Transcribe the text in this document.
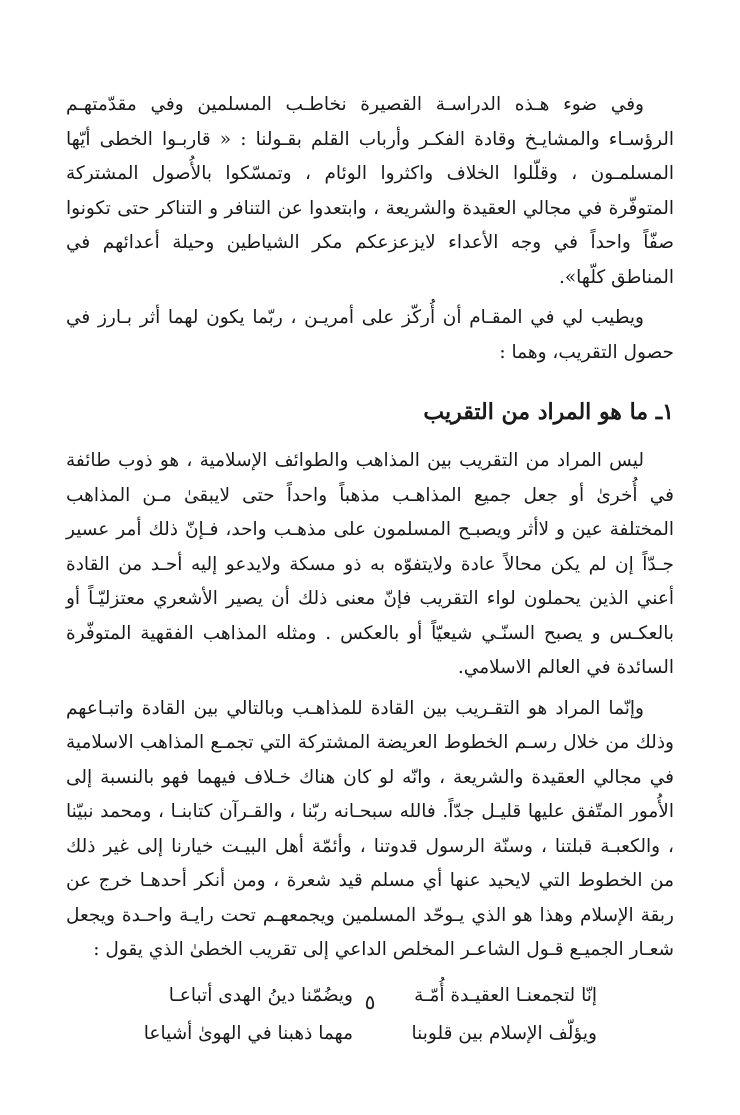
وفي ضوء هـذه الدراسـة القصيرة نخاطـب المسلمين وفي مقدّمتهـم الرؤسـاء والمشايـخ وقادة الفكـر وأرباب القلم بقـولنا : « قاربـوا الخطى أيّها المسلمـون ، وقلّلوا الخلاف واكثروا الوئام ، وتمسّكوا بالأُصول المشتركة المتوفّرة في مجالي العقيدة والشريعة ، وابتعدوا عن التنافر و التناكر حتى تكونوا صفّاً واحداً في وجه الأعداء لايزعزعكم مكر الشياطين وحيلة أعدائهم في المناطق كلّها».

ويطيب لي في المقـام أن أُركّز على أمريـن ، ربّما يكون لهما أثر بـارز في حصول التقريب، وهما :

١ـ ما هو المراد من التقريب

ليس المراد من التقريب بين المذاهب والطوائف الإسلامية ، هو ذوب طائفة في أُخرىٰ أو جعل جميع المذاهـب مذهباً واحداً حتى لايبقىٰ مـن المذاهب المختلفة عين و لاأثر ويصبـح المسلمون على مذهـب واحد، فـإنّ ذلك أمر عسير جـدّاً إن لم يكن محالاً عادة ولايتفوّه به ذو مسكة ولايدعو إليه أحـد من القادة أعني الذين يحملون لواء التقريب فإنّ معنى ذلك أن يصير الأشعري معتزليّـاً أو بالعكـس و يصبح السنّـي شيعيّاً أو بالعكس . ومثله المذاهب الفقهية المتوفّرة السائدة في العالم الاسلامي.

وإنّما المراد هو التقـريب بين القادة للمذاهـب وبالتالي بين القادة واتبـاعهم وذلك من خلال رسـم الخطوط العريضة المشتركة التي تجمـع المذاهب الاسلامية في مجالي العقيدة والشريعة ، وانّه لو كان هناك خـلاف فيهما فهو بالنسبة إلى الأُمور المتّفق عليها قليـل جدّاً. فالله سبحـانه ربّنا ، والقـرآن كتابنـا ، ومحمد نبيّنا ، والكعبـة قبلتنا ، وسنّة الرسول قدوتنا ، وأئمّة أهل البيـت خيارنا إلى غير ذلك من الخطوط التي لايحيد عنها أي مسلم قيد شعرة ، ومن أنكر أحدهـا خرج عن ربقة الإسلام وهذا هو الذي يـوحّد المسلمين ويجمعهـم تحت رايـة واحـدة ويجعل شعـار الجميـع قـول الشاعـر المخلص الداعي إلى تقريب الخطىٰ الذي يقول :

إنّا لتجمعنـا العقيـدة أُمّـة
ويضُمّنا دينُ الهدى أتباعـا
ويؤلّف الإسلام بين قلوبنا
مهما ذهبنا في الهوىٰ أشياعا
٥
